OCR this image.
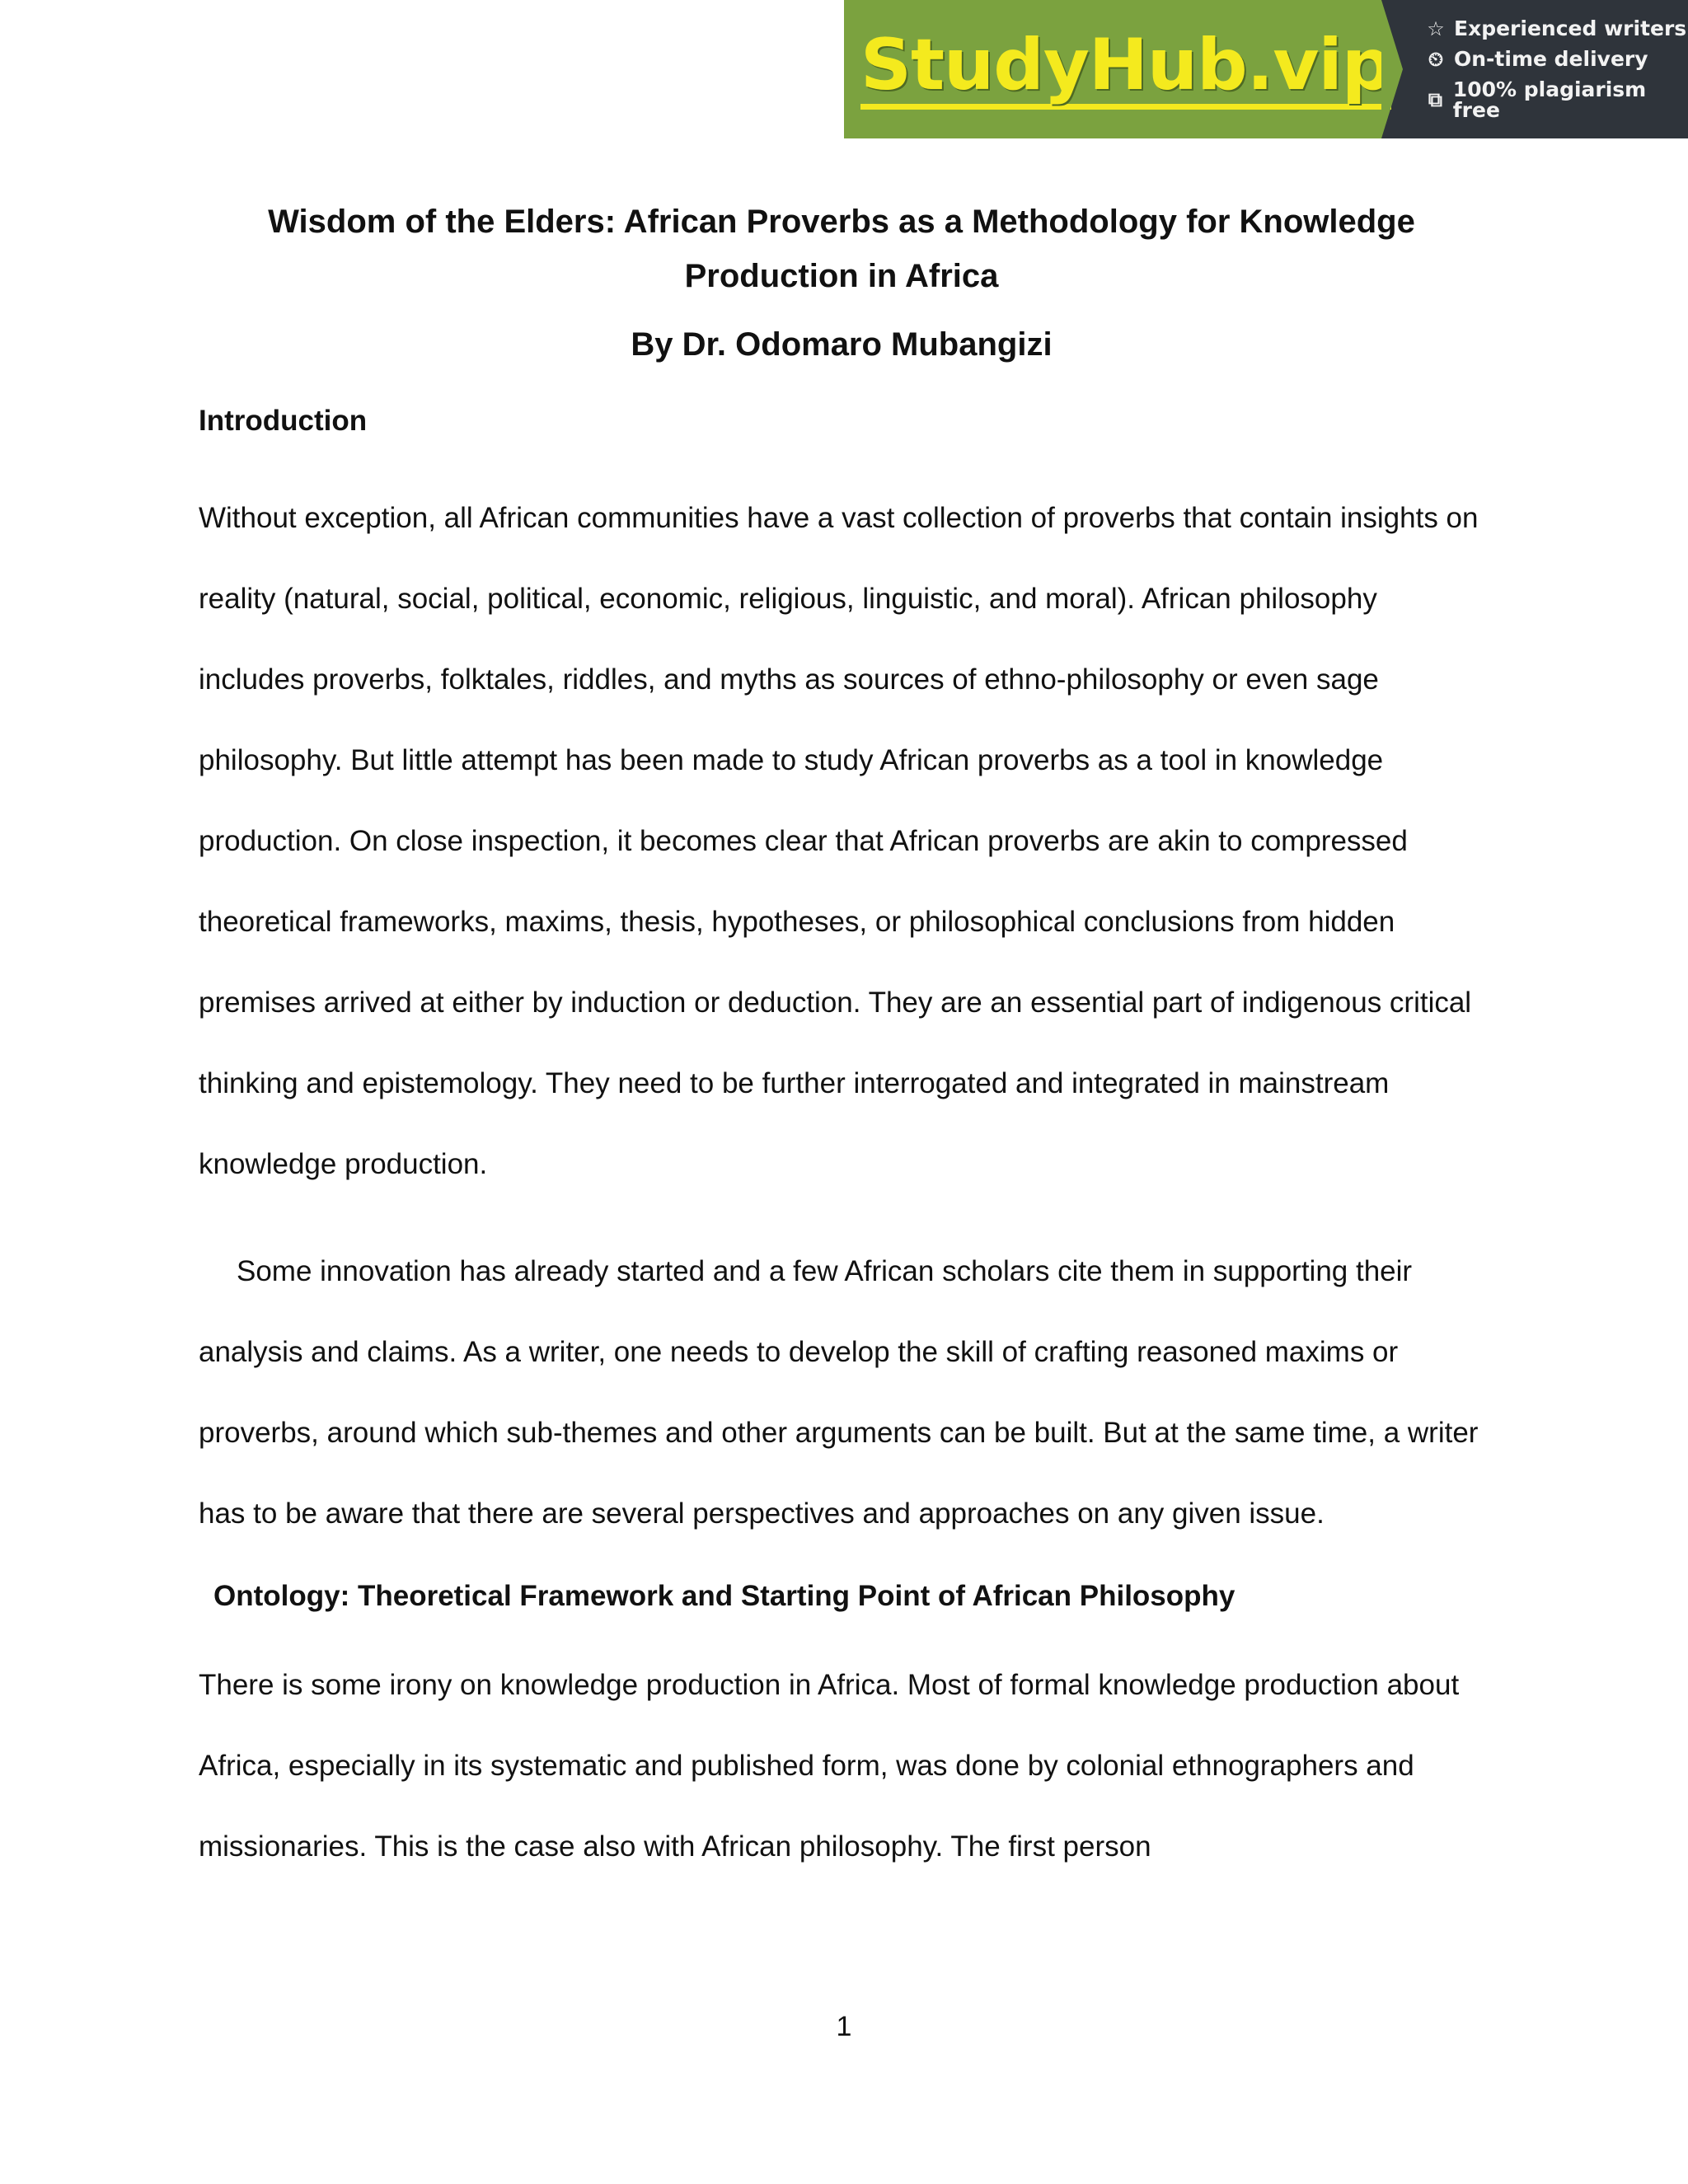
StudyHub.vip ☆ Experienced writers
⏲ On-time delivery
⧉ 100% plagiarism free
Wisdom of the Elders: African Proverbs as a Methodology for Knowledge Production in Africa
By Dr. Odomaro Mubangizi
Introduction

Without exception, all African communities have a vast collection of proverbs that contain insights on reality (natural, social, political, economic, religious, linguistic, and moral). African philosophy includes proverbs, folktales, riddles, and myths as sources of ethno-philosophy or even sage philosophy. But little attempt has been made to study African proverbs as a tool in knowledge production. On close inspection, it becomes clear that African proverbs are akin to compressed theoretical frameworks, maxims, thesis, hypotheses, or philosophical conclusions from hidden premises arrived at either by induction or deduction. They are an essential part of indigenous critical thinking and epistemology. They need to be further interrogated and integrated in mainstream knowledge production.

Some innovation has already started and a few African scholars cite them in supporting their analysis and claims. As a writer, one needs to develop the skill of crafting reasoned maxims or proverbs, around which sub-themes and other arguments can be built. But at the same time, a writer has to be aware that there are several perspectives and approaches on any given issue.

Ontology: Theoretical Framework and Starting Point of African Philosophy

There is some irony on knowledge production in Africa. Most of formal knowledge production about Africa, especially in its systematic and published form, was done by colonial ethnographers and missionaries. This is the case also with African philosophy. The first person

1
